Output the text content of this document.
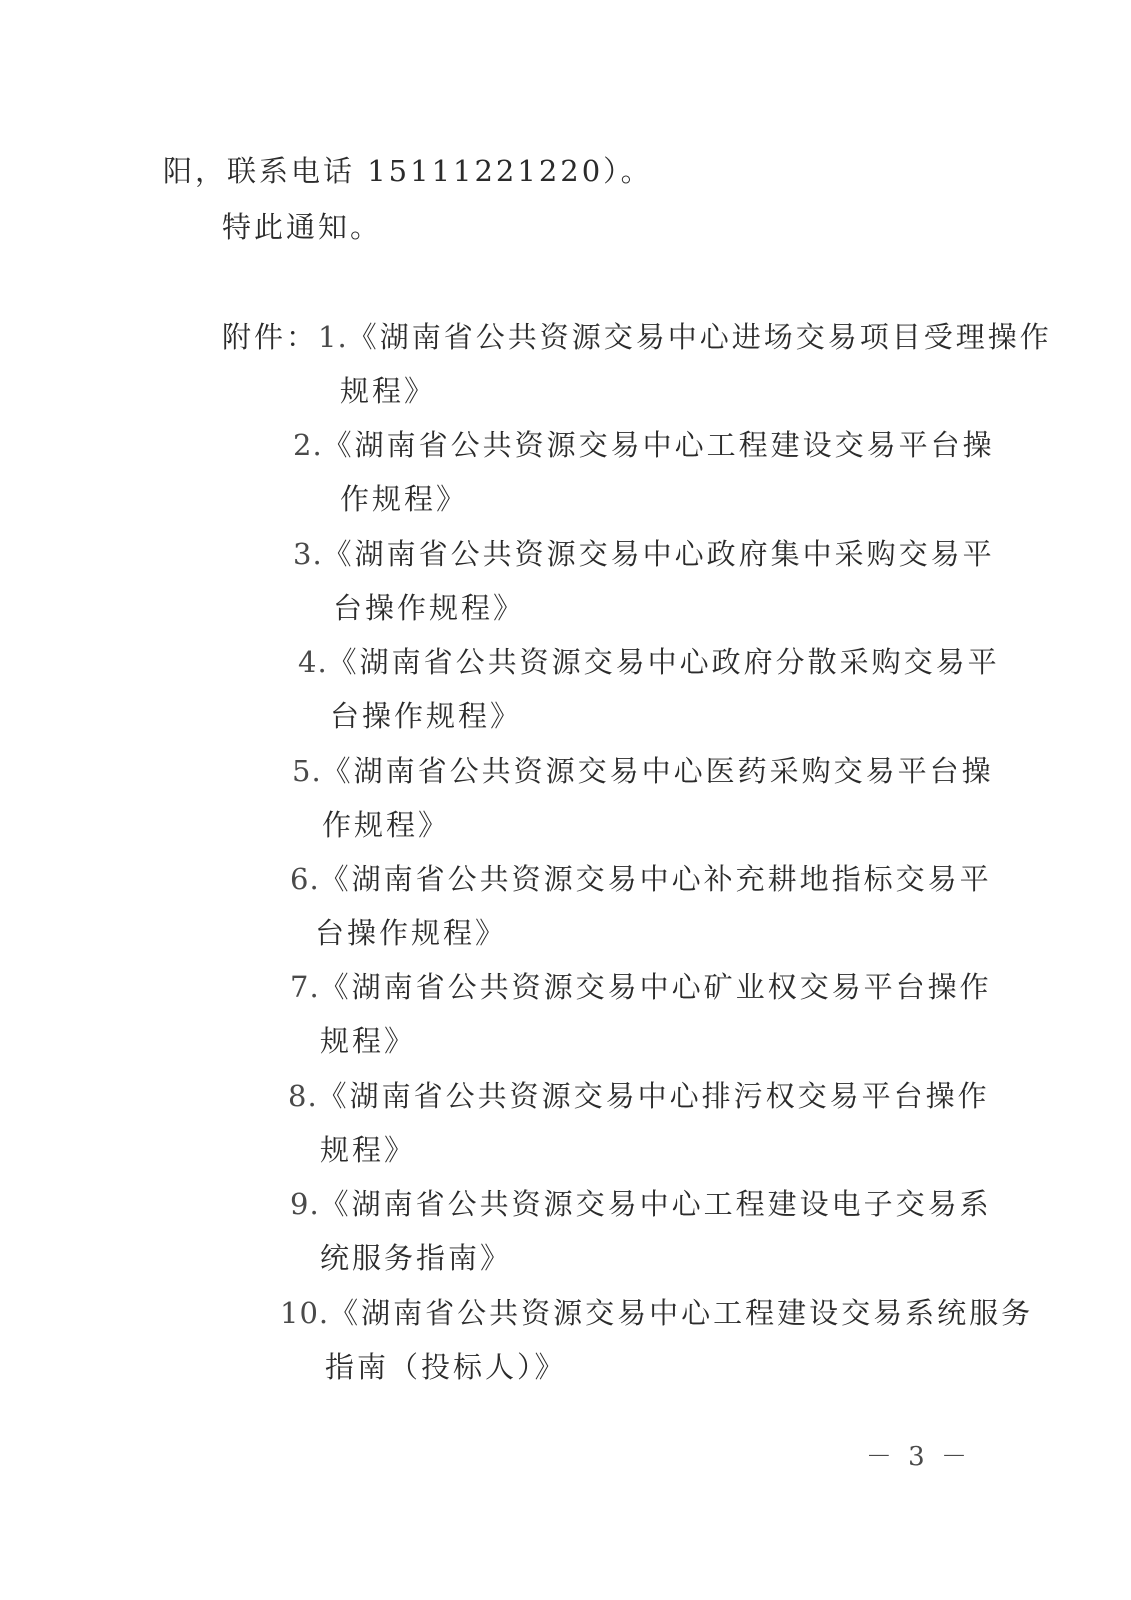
阳，联系电话 15111221220）。
特此通知。
附件：1.《湖南省公共资源交易中心进场交易项目受理操作
规程》
2.《湖南省公共资源交易中心工程建设交易平台操
作规程》
3.《湖南省公共资源交易中心政府集中采购交易平
台操作规程》
4.《湖南省公共资源交易中心政府分散采购交易平
台操作规程》
5.《湖南省公共资源交易中心医药采购交易平台操
作规程》
6.《湖南省公共资源交易中心补充耕地指标交易平
台操作规程》
7.《湖南省公共资源交易中心矿业权交易平台操作
规程》
8.《湖南省公共资源交易中心排污权交易平台操作
规程》
9.《湖南省公共资源交易中心工程建设电子交易系
统服务指南》
10.《湖南省公共资源交易中心工程建设交易系统服务
指南（投标人）》
－ 3 －
